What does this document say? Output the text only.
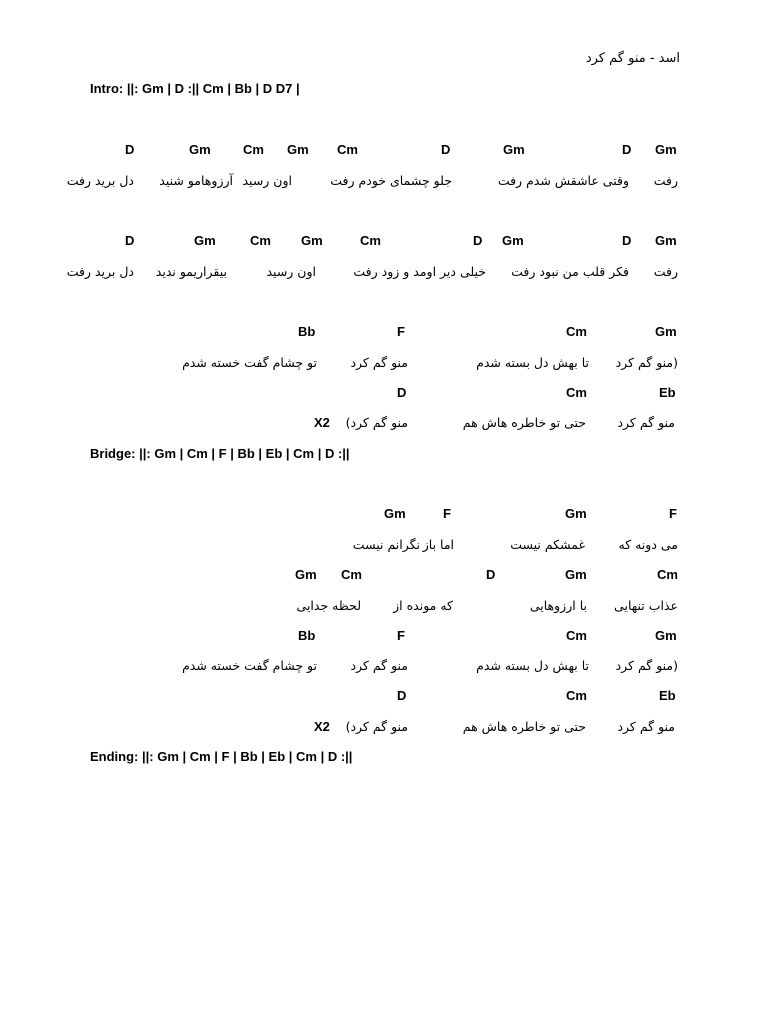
اسد - منو گم کرد
Intro: ||: Gm | D :|| Cm | Bb | D D7 |
D	Gm Cm Gm Cm	D	Gm	D Gm
رفت
وقتی عاشقش شدم رفت
جلو چشمای خودم رفت
اون رسید
آرزوهامو شنید
دل برید رفت
D	Gm	Cm Gm	Cm	D Gm	D Gm
رفت
فکر قلب من نبود رفت
خیلی دیر اومد و زود رفت
اون رسید
بیقراریمو ندید
دل برید رفت
Bb	F	Cm	Gm
(منو گم کرد
تا بهش دل بسته شدم
منو گم کرد
تو چشام گفت خسته شدم
D	Cm	Eb
منو گم کرد
حتی تو خاطره هاش هم
منو گم کرد)
X2
Bridge: ||: Gm | Cm | F | Bb | Eb | Cm | D :||
Gm	F	Gm	F
می دونه که
غمشکم نیست
اما باز
نگرانم نیست
Gm Cm	D	Gm	Cm
عذاب تنهایی
با ارزوهایی
که مونده از
لحظه جدایی
Bb	F	Cm	Gm
(منو گم کرد
تا بهش دل بسته شدم
منو گم کرد
تو چشام گفت خسته شدم
D	Cm	Eb
منو گم کرد
حتی تو خاطره هاش هم
منو گم کرد)
X2
Ending: ||: Gm | Cm | F | Bb | Eb | Cm | D :||
